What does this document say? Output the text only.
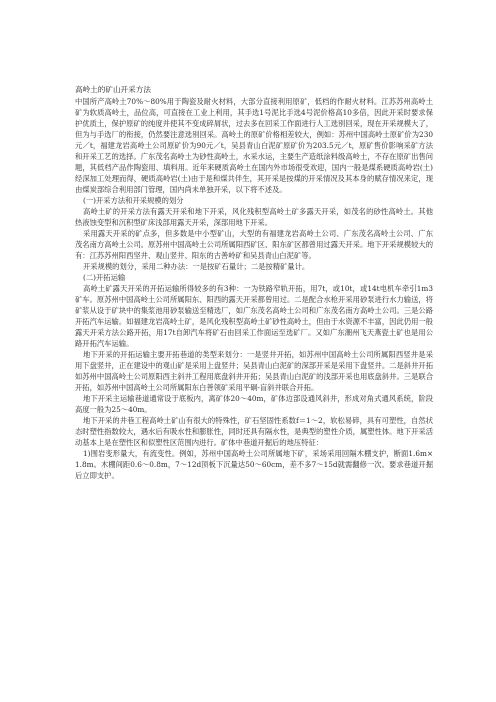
高岭土的矿山开采方法

中国所产高岭土70%～80%用于陶瓷及耐火材料，大部分直接利用原矿，低档的作耐火材料。江苏苏州高岭土矿为软质高岭土，品位高，可直接在工业上利用，其手选1号泥比手选4号泥价格高10多倍，因此开采时要求保护优质土，保护原矿的纯度并使其不变成碎屑状，过去多在回采工作面进行人工选别回采，现在开采规模大了，但为与手选厂的衔接，仍然要注意选别回采。高岭土的原矿价格相差较大，例如：苏州中国高岭土原矿价为230元／t，福建龙岩高岭土公司原矿价为90元／t，吴县青山白泥矿原矿价为203.5元／t，原矿售价影响采矿方法和开采工艺的选择。广东茂名高岭土为砂性高岭土，水采水运，主要生产造纸涂料级高岭土，不存在原矿出售问题，其低档产品作陶瓷用、填料用。近年来硬质高岭土在国内外市场很受欢迎，国内一般是煤系硬质高岭岩(土)经深加工处理而得，硬质高岭岩(土)由于是和煤共伴生，其开采是按煤的开采情况及其本身的赋存情况来定，现由煤炭部综合利用部门管理，国内尚未单独开采，以下将不述及。

(一)开采方法和开采规模的划分

高岭土矿的开采方法有露天开采和地下开采，风化残积型高岭土矿多露天开采，如茂名的砂性高岭土。其他热液蚀变型和沉积型矿床浅部用露天开采，深部用地下开采。

采用露天开采的矿点多，但多数是中小型矿山，大型的有福建龙岩高岭土公司、广东茂名高岭土公司、广东茂名南方高岭土公司。原苏州中国高岭土公司所属阳西矿区、阳东矿区都曾用过露天开采。地下开采规模较大的有：江苏苏州阳西坚井、观山竖井、阳东的古善岭矿和吴县青山白泥矿等。

开采规模的划分，采用二种办法：一是按矿石量计；二是按精矿量计。

(二)开拓运输

高岭土矿露天开采的开拓运输所得较多的有3种：一为铁路窄轨开拓，用7t，或10t，或14t电机车牵引1m3矿车。原苏州中国高岭土公司所属阳东、阳西的露天开采都曾用过。二是配合水枪开采用砂泵进行水力输送，将矿浆从设于矿块中的集浆池用砂泵输送至精选厂，如广东茂名高岭土公司和广东茂名南方高岭土公司。三是公路开拓汽车运输。如福建龙岩高岭土矿，是风化残积型高岭土矿砂性高岭土，但由于水资源不丰富，因此仍用一般露天开采方法公路开拓，用17t自卸汽车将矿石由回采工作面运至选矿厂。又如广东潮州飞天燕瓷土矿也是用公路开拓汽车运输。

地下开采的开拓运输主要开拓巷道的类型来划分：一是竖井开拓，如苏州中国高岭土公司所属阳西竖井是采用下盘竖井，正在建设中的观山矿是采用上盘竖井；吴县青山白泥矿的深部开采是采用下盘竖井。二是斜井开拓如苏州中国高岭土公司原阳西主斜井工程用底盘斜井开拓；吴县青山白泥矿的浅部开采也用底盘斜井。三是联合开拓，如苏州中国高岭土公司所属阳东白善领矿采用平硐-盲斜井联合开拓。

地下开采主运输巷道通常设于底板内，离矿体20～40m，矿体边部设通风斜井，形成对角式通风系统，阶段高度一般为25～40m。

地下开采的井巷工程高岭土矿山有很大的特殊性，矿石坚固性系数f＝1～2，软松易碎，具有可塑性，自然状态时塑性指数较大，遇水后有吸水性和膨胀性，同时还具有隔水性，是典型的塑性介质，属塑性体。地下开采活动基本上是在塑性区和似塑性区范围内进行。矿体中巷道开掘后的地压特征：

1)围岩变形量大，有流变性。例如，苏州中国高岭土公司所属地下矿，采场采用回隔木棚支护，断面1.6m×1.8m。木棚间距0.6～0.8m，7～12d顶板下沉量达50～60cm，差不多7～15d就需翻修一次。要求巷道开掘后立即支护。
